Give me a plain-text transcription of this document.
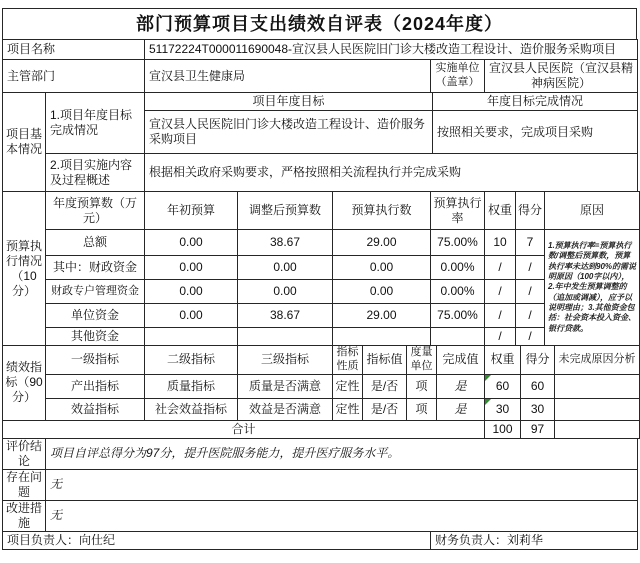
部门预算项目支出绩效自评表（2024年度）
项目名称	51172224T000011690048-宣汉县人民医院旧门诊大楼改造工程设计、造价服务采购项目		
主管部门	宣汉县卫生健康局	实施单位（盖章）	宣汉县人民医院（宣汉县精神病医院）
项目基本情况	1.项目年度目标完成情况	项目年度目标	年度目标完成情况
		宣汉县人民医院旧门诊大楼改造工程设计、造价服务采购项目	按照相关要求，完成项目采购
	2.项目实施内容及过程概述	根据相关政府采购要求，严格按照相关流程执行并完成采购	
预算执行情况（10分）	年度预算数（万元）	年初预算	调整后预算数	预算执行数	预算执行率	权重	得分	原因
	总额	0.00	38.67	29.00	75.00%	10	7	1.预算执行率=预算执行数/调整后预算数，预算执行率未达到90%的需说明原因（100字以内），2.年中发生预算调整的（追加或调减），应予以说明理由；3.其他资金包括：社会资本投入资金、银行贷款。
	其中：财政资金	0.00	0.00	0.00	0.00%	/	/	
	财政专户管理资金	0.00	0.00	0.00	0.00%	/	/	
	单位资金	0.00	38.67	29.00	75.00%	/	/	
	其他资金					/	/	
绩效指标（90分）	一级指标	二级指标	三级指标	指标性质	指标值	度量单位	完成值	权重	得分	未完成原因分析
	产出指标	质量指标	质量是否满意	定性	是/否	项	是	60	60	
	效益指标	社会效益指标	效益是否满意	定性	是/否	项	是	30	30	
合计								100	97	
评价结论	项目自评总得分为97分，提升医院服务能力，提升医疗服务水平。
存在问题	无
改进措施	无
项目负责人：向仕纪	财务负责人：刘莉华
